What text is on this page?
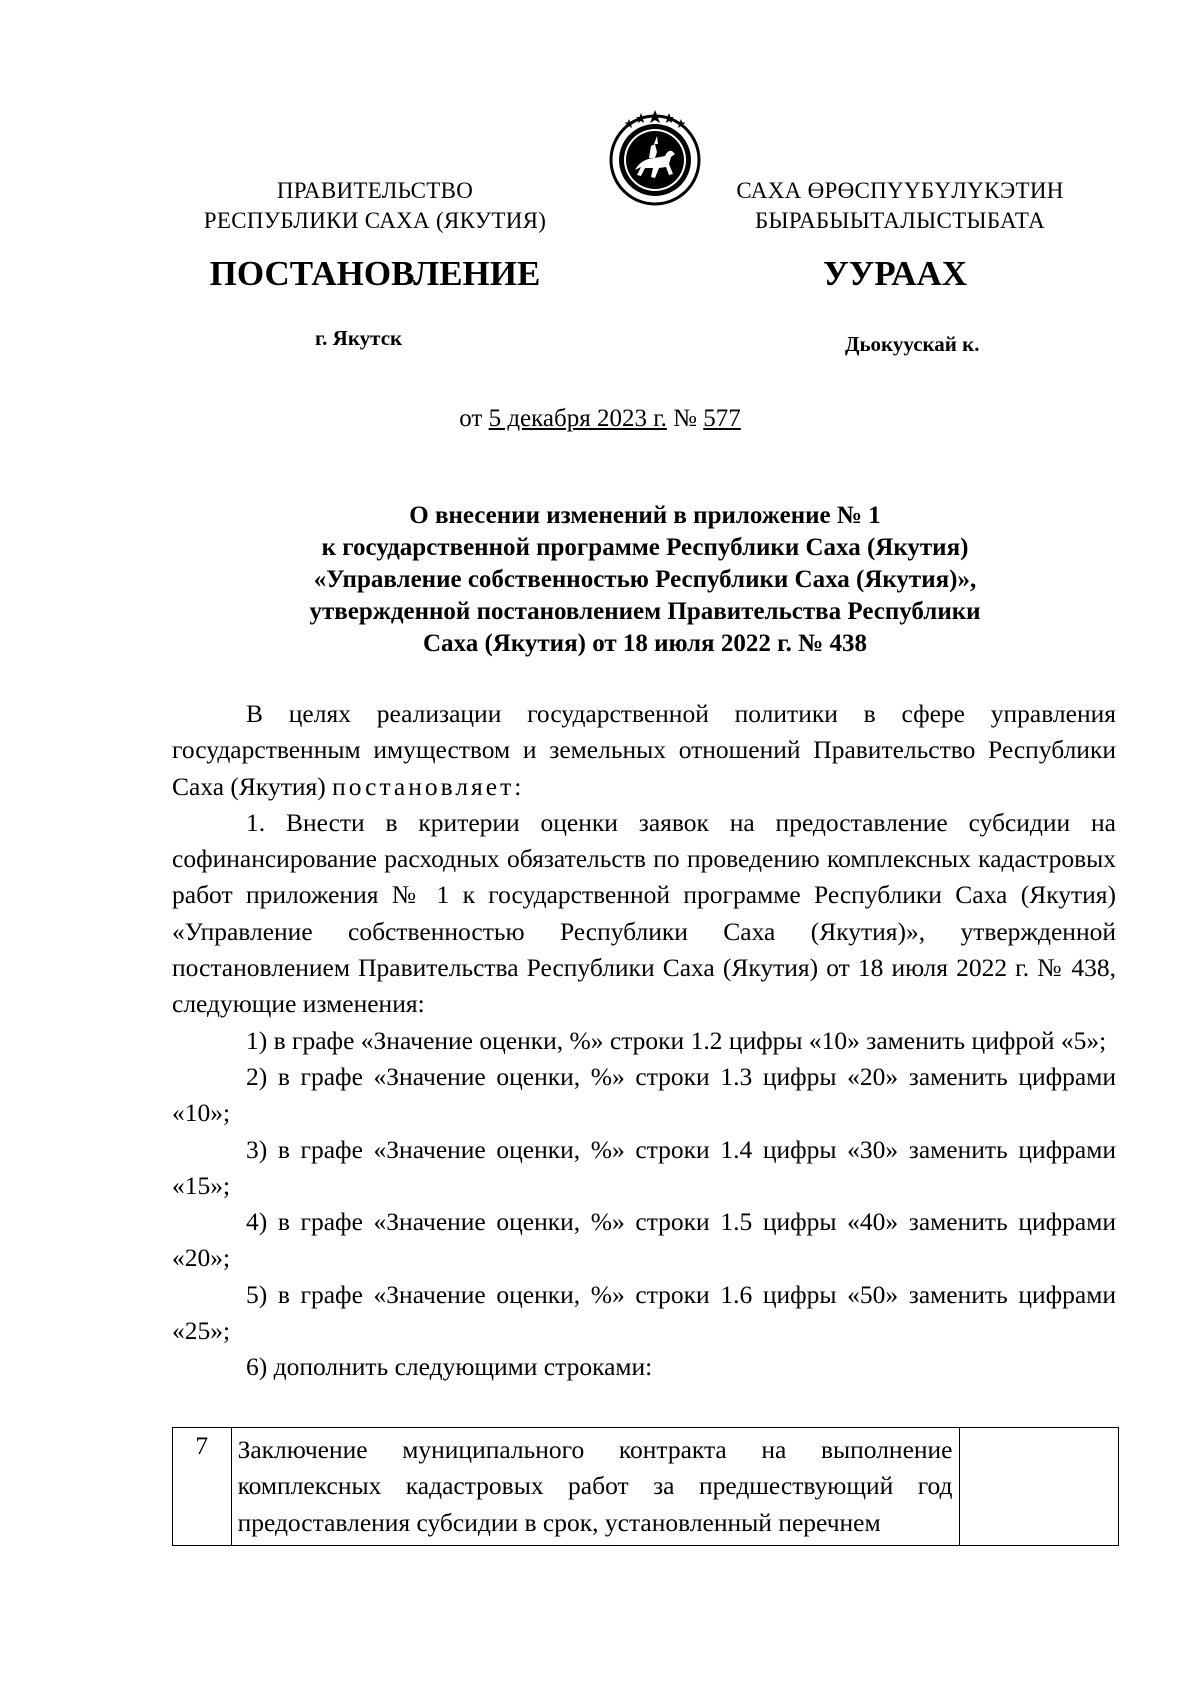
ПРАВИТЕЛЬСТВО
РЕСПУБЛИКИ САХА (ЯКУТИЯ)
САХА ӨРӨСПҮҮБҮЛҮКЭТИН
БЫРАБЫЫТАЛЫСТЫБАТА
ПОСТАНОВЛЕНИЕ	УУРААХ
г. Якутск	Дьокуускай к.
от 5 декабря 2023 г. № 577
О внесении изменений в приложение № 1
к государственной программе Республики Саха (Якутия)
«Управление собственностью Республики Саха (Якутия)»,
утвержденной постановлением Правительства Республики
Саха (Якутия) от 18 июля 2022 г. № 438

В целях реализации государственной политики в сфере управления государственным имуществом и земельных отношений Правительство Республики Саха (Якутия) постановляет:

1. Внести в критерии оценки заявок на предоставление субсидии на софинансирование расходных обязательств по проведению комплексных кадастровых работ приложения № 1 к государственной программе Республики Саха (Якутия) «Управление собственностью Республики Саха (Якутия)», утвержденной постановлением Правительства Республики Саха (Якутия) от 18 июля 2022 г. № 438, следующие изменения:

1) в графе «Значение оценки, %» строки 1.2 цифры «10» заменить цифрой «5»;

2) в графе «Значение оценки, %» строки 1.3 цифры «20» заменить цифрами «10»;

3) в графе «Значение оценки, %» строки 1.4 цифры «30» заменить цифрами «15»;

4) в графе «Значение оценки, %» строки 1.5 цифры «40» заменить цифрами «20»;

5) в графе «Значение оценки, %» строки 1.6 цифры «50» заменить цифрами «25»;

6) дополнить следующими строками:

7	Заключение муниципального контракта на выполнение комплексных кадастровых работ за предшествующий год предоставления субсидии в срок, установленный перечнем	
